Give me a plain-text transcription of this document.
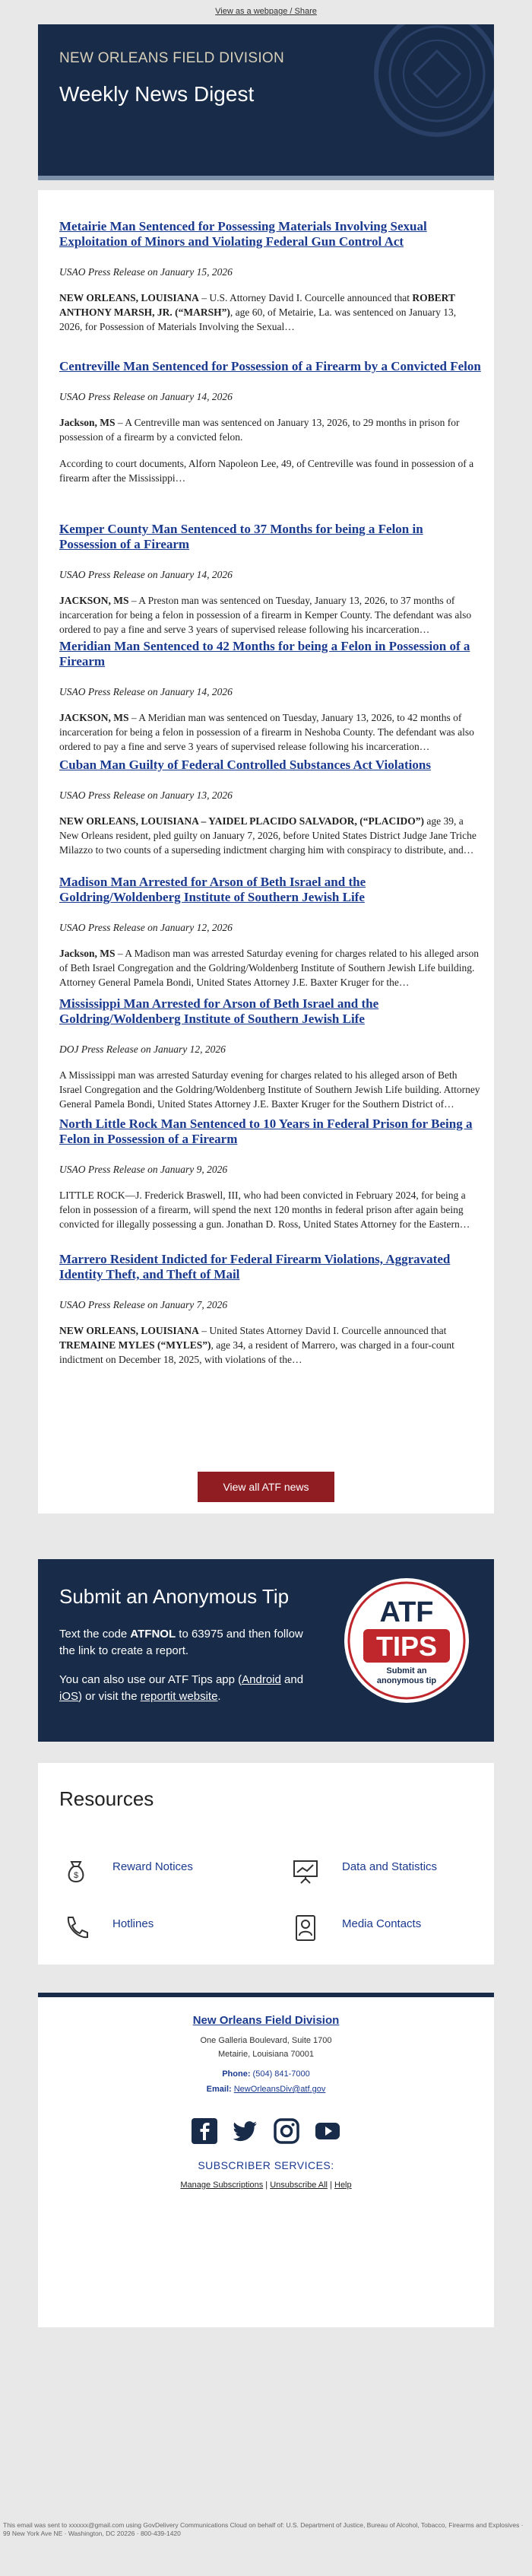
View as a webpage / Share
NEW ORLEANS FIELD DIVISION
Weekly News Digest
Metairie Man Sentenced for Possessing Materials Involving Sexual Exploitation of Minors and Violating Federal Gun Control Act
USAO Press Release on January 15, 2026

NEW ORLEANS, LOUISIANA – U.S. Attorney David I. Courcelle announced that ROBERT ANTHONY MARSH, JR. (“MARSH”), age 60, of Metairie, La. was sentenced on January 13, 2026, for Possession of Materials Involving the Sexual…

Centreville Man Sentenced for Possession of a Firearm by a Convicted Felon
USAO Press Release on January 14, 2026

Jackson, MS – A Centreville man was sentenced on January 13, 2026, to 29 months in prison for possession of a firearm by a convicted felon.

According to court documents, Alforn Napoleon Lee, 49, of Centreville was found in possession of a firearm after the Mississippi…

Kemper County Man Sentenced to 37 Months for being a Felon in Possession of a Firearm
USAO Press Release on January 14, 2026

JACKSON, MS – A Preston man was sentenced on Tuesday, January 13, 2026, to 37 months of incarceration for being a felon in possession of a firearm in Kemper County. The defendant was also ordered to pay a fine and serve 3 years of supervised release following his incarceration…

Meridian Man Sentenced to 42 Months for being a Felon in Possession of a Firearm
USAO Press Release on January 14, 2026

JACKSON, MS – A Meridian man was sentenced on Tuesday, January 13, 2026, to 42 months of incarceration for being a felon in possession of a firearm in Neshoba County. The defendant was also ordered to pay a fine and serve 3 years of supervised release following his incarceration…

Cuban Man Guilty of Federal Controlled Substances Act Violations
USAO Press Release on January 13, 2026

NEW ORLEANS, LOUISIANA – YAIDEL PLACIDO SALVADOR, (“PLACIDO”) age 39, a New Orleans resident, pled guilty on January 7, 2026, before United States District Judge Jane Triche Milazzo to two counts of a superseding indictment charging him with conspiracy to distribute, and…

Madison Man Arrested for Arson of Beth Israel and the Goldring/Woldenberg Institute of Southern Jewish Life
USAO Press Release on January 12, 2026

Jackson, MS – A Madison man was arrested Saturday evening for charges related to his alleged arson of Beth Israel Congregation and the Goldring/Woldenberg Institute of Southern Jewish Life building. Attorney General Pamela Bondi, United States Attorney J.E. Baxter Kruger for the…

Mississippi Man Arrested for Arson of Beth Israel and the Goldring/Woldenberg Institute of Southern Jewish Life
DOJ Press Release on January 12, 2026

A Mississippi man was arrested Saturday evening for charges related to his alleged arson of Beth Israel Congregation and the Goldring/Woldenberg Institute of Southern Jewish Life building. Attorney General Pamela Bondi, United States Attorney J.E. Baxter Kruger for the Southern District of…

North Little Rock Man Sentenced to 10 Years in Federal Prison for Being a Felon in Possession of a Firearm
USAO Press Release on January 9, 2026

LITTLE ROCK—J. Frederick Braswell, III, who had been convicted in February 2024, for being a felon in possession of a firearm, will spend the next 120 months in federal prison after again being convicted for illegally possessing a gun. Jonathan D. Ross, United States Attorney for the Eastern…

Marrero Resident Indicted for Federal Firearm Violations, Aggravated Identity Theft, and Theft of Mail
USAO Press Release on January 7, 2026

NEW ORLEANS, LOUISIANA – United States Attorney David I. Courcelle announced that TREMAINE MYLES (“MYLES”), age 34, a resident of Marrero, was charged in a four-count indictment on December 18, 2025, with violations of the…

View all ATF news
Submit an Anonymous Tip

Text the code ATFNOL to 63975 and then follow the link to create a report.

You can also use our ATF Tips app (Android and iOS) or visit the reportit website.

ATF
TIPS
Submit an
anonymous tip
Resources
$
Reward Notices	Data and Statistics
Hotlines	Media Contacts
New Orleans Field Division
One Galleria Boulevard, Suite 1700
Metairie, Louisiana 70001
Phone: (504) 841-7000
Email: NewOrleansDiv@atf.gov
SUBSCRIBER SERVICES:
Manage Subscriptions | Unsubscribe All | Help
This email was sent to xxxxxx@gmail.com using GovDelivery Communications Cloud on behalf of: U.S. Department of Justice, Bureau of Alcohol, Tobacco, Firearms and Explosives · 99 New York Ave NE · Washington, DC 20226 · 800-439-1420
